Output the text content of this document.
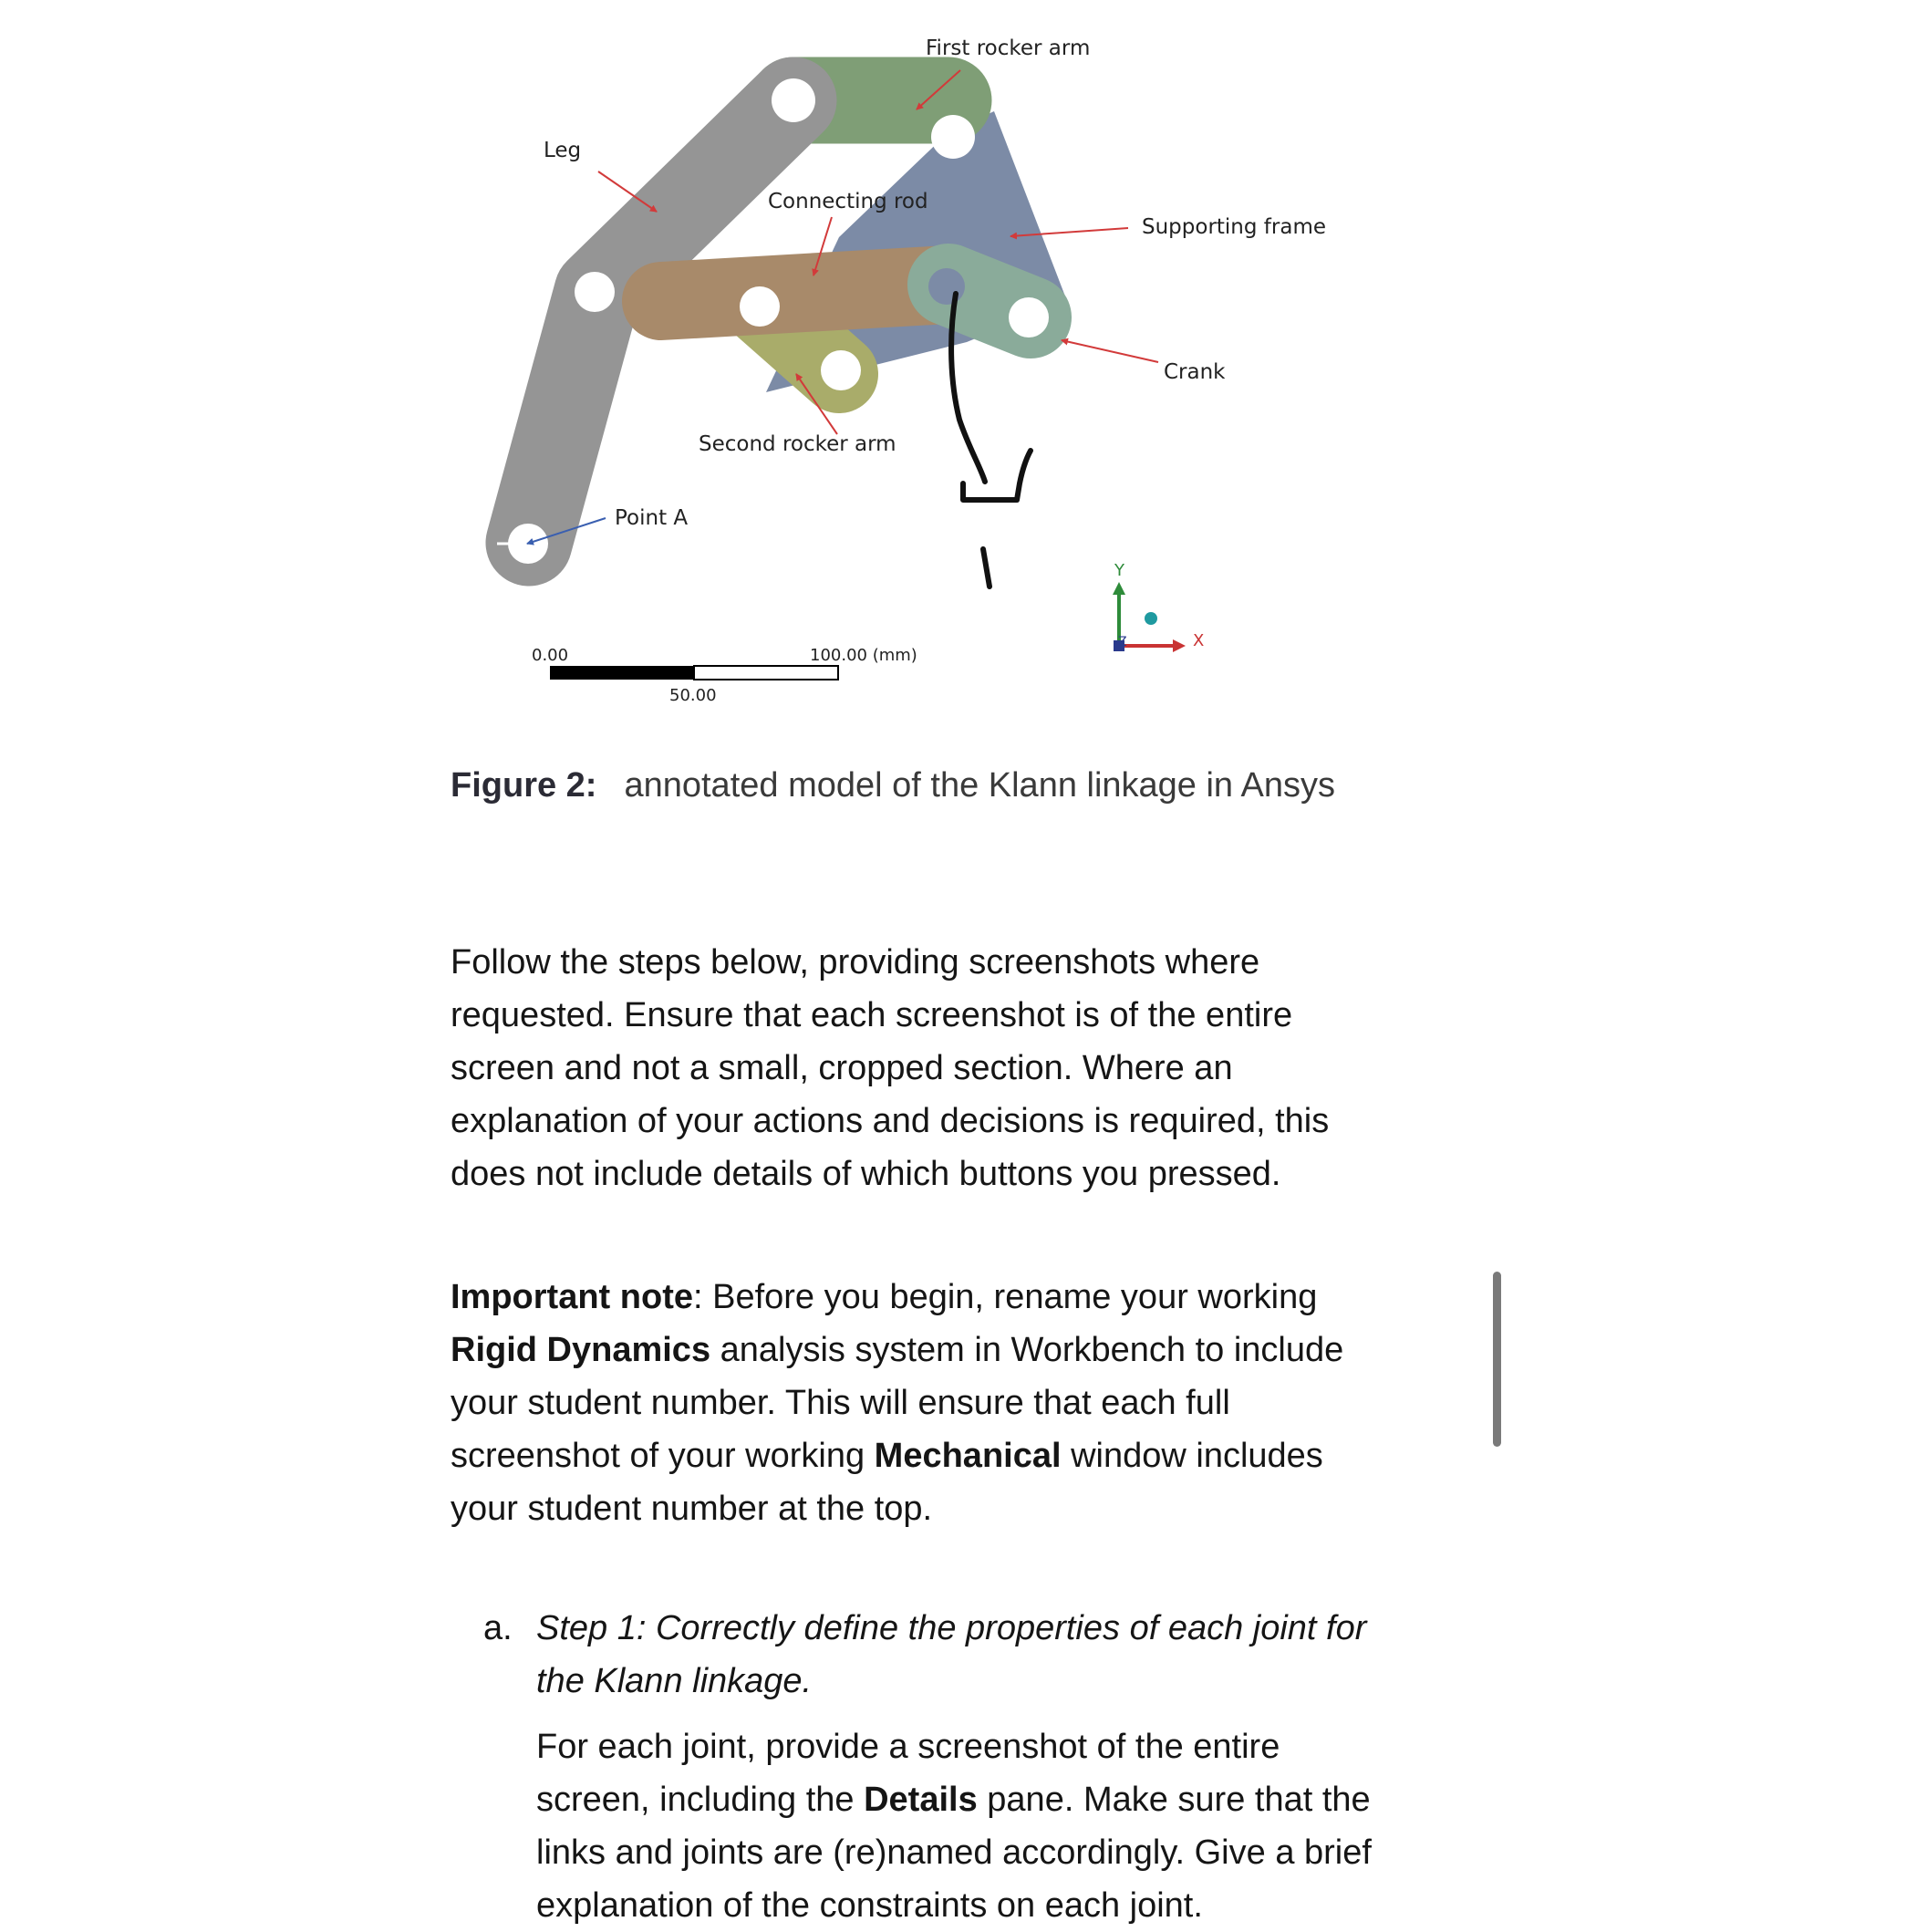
First rocker arm
Leg
Connecting rod
Supporting frame
Crank
Second rocker arm
Point A
0.00
50.00
100.00 (mm)
Y
X
Z
Figure 2: annotated model of the Klann linkage in Ansys

Follow the steps below, providing screenshots where requested. Ensure that each screenshot is of the entire screen and not a small, cropped section. Where an explanation of your actions and decisions is required, this does not include details of which buttons you pressed.

Important note: Before you begin, rename your working Rigid Dynamics analysis system in Workbench to include your student number. This will ensure that each full screenshot of your working Mechanical window includes your student number at the top.

a. Step 1: Correctly define the properties of each joint for the Klann linkage.
For each joint, provide a screenshot of the entire screen, including the Details pane. Make sure that the links and joints are (re)named accordingly. Give a brief explanation of the constraints on each joint.
